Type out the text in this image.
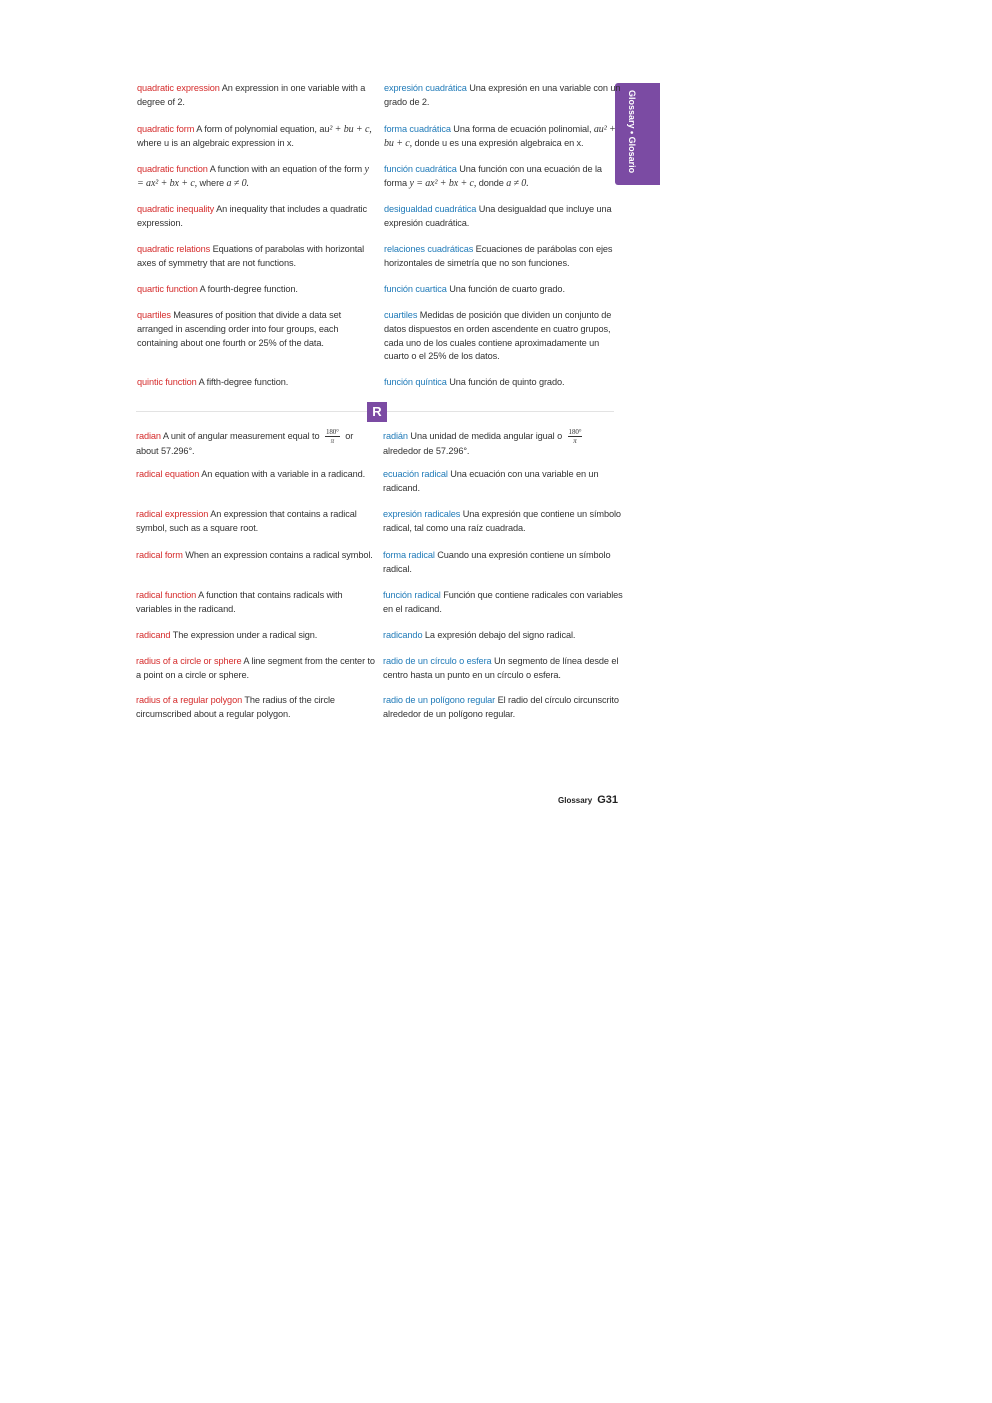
Glossary • Glosario
quadratic expression An expression in one variable with a degree of 2.
expresión cuadrática Una expresión en una variable con un grado de 2.
quadratic form A form of polynomial equation, au² + bu + c, where u is an algebraic expression in x.
forma cuadrática Una forma de ecuación polinomial, au² + bu + c, donde u es una expresión algebraica en x.
quadratic function A function with an equation of the form y = ax² + bx + c, where a ≠ 0.
función cuadrática Una función con una ecuación de la forma y = ax² + bx + c, donde a ≠ 0.
quadratic inequality An inequality that includes a quadratic expression.
desigualdad cuadrática Una desigualdad que incluye una expresión cuadrática.
quadratic relations Equations of parabolas with horizontal axes of symmetry that are not functions.
relaciones cuadráticas Ecuaciones de parábolas con ejes horizontales de simetría que no son funciones.
quartic function A fourth-degree function.	función cuartica Una función de cuarto grado.
quartiles Measures of position that divide a data set arranged in ascending order into four groups, each containing about one fourth or 25% of the data.
cuartiles Medidas de posición que dividen un conjunto de datos dispuestos en orden ascendente en cuatro grupos, cada uno de los cuales contiene aproximadamente un cuarto o el 25% de los datos.
quintic function A fifth-degree function.	función quíntica Una función de quinto grado.
R
radian A unit of angular measurement equal to $\frac{180^\circ}{\pi}$ or about 57.296°.
radián Una unidad de medida angular igual o $\frac{180^\circ}{\pi}$
alrededor de 57.296°.
radical equation An equation with a variable in a radicand.	ecuación radical Una ecuación con una variable en un radicand.
radical expression An expression that contains a radical symbol, such as a square root.
expresión radicales Una expresión que contiene un símbolo radical, tal como una raíz cuadrada.
radical form When an expression contains a radical symbol.	forma radical Cuando una expresión contiene un símbolo radical.
radical function A function that contains radicals with variables in the radicand.
función radical Función que contiene radicales con variables en el radicand.
radicand The expression under a radical sign.	radicando La expresión debajo del signo radical.
radius of a circle or sphere A line segment from the center to a point on a circle or sphere.
radio de un círculo o esfera Un segmento de línea desde el centro hasta un punto en un círculo o esfera.
radius of a regular polygon The radius of the circle circumscribed about a regular polygon.
radio de un polígono regular El radio del círculo circunscrito alrededor de un polígono regular.
Glossary G31
